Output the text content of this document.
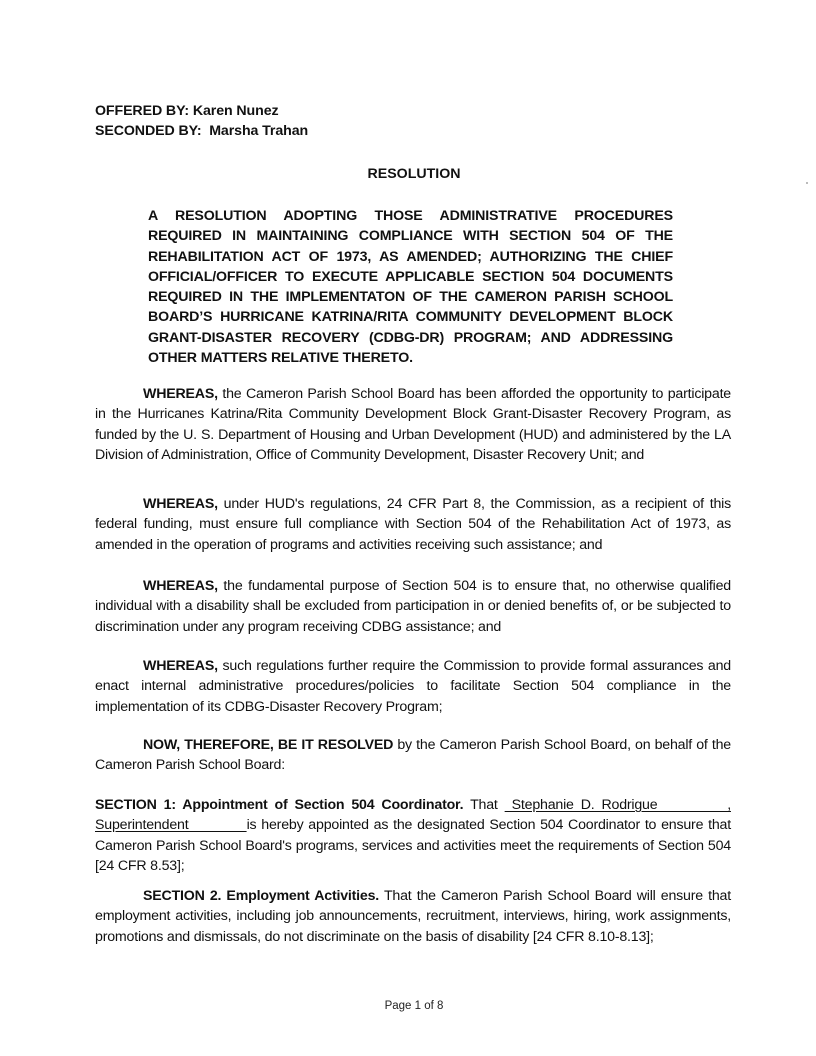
OFFERED BY: Karen Nunez
SECONDED BY: Marsha Trahan
RESOLUTION
A RESOLUTION ADOPTING THOSE ADMINISTRATIVE PROCEDURES REQUIRED IN MAINTAINING COMPLIANCE WITH SECTION 504 OF THE REHABILITATION ACT OF 1973, AS AMENDED; AUTHORIZING THE CHIEF OFFICIAL/OFFICER TO EXECUTE APPLICABLE SECTION 504 DOCUMENTS REQUIRED IN THE IMPLEMENTATON OF THE CAMERON PARISH SCHOOL BOARD’S HURRICANE KATRINA/RITA COMMUNITY DEVELOPMENT BLOCK GRANT-DISASTER RECOVERY (CDBG-DR) PROGRAM; AND ADDRESSING OTHER MATTERS RELATIVE THERETO.
WHEREAS, the Cameron Parish School Board has been afforded the opportunity to participate in the Hurricanes Katrina/Rita Community Development Block Grant-Disaster Recovery Program, as funded by the U. S. Department of Housing and Urban Development (HUD) and administered by the LA Division of Administration, Office of Community Development, Disaster Recovery Unit; and
WHEREAS, under HUD's regulations, 24 CFR Part 8, the Commission, as a recipient of this federal funding, must ensure full compliance with Section 504 of the Rehabilitation Act of 1973, as amended in the operation of programs and activities receiving such assistance; and
WHEREAS, the fundamental purpose of Section 504 is to ensure that, no otherwise qualified individual with a disability shall be excluded from participation in or denied benefits of, or be subjected to discrimination under any program receiving CDBG assistance; and
WHEREAS, such regulations further require the Commission to provide formal assurances and enact internal administrative procedures/policies to facilitate Section 504 compliance in the implementation of its CDBG-Disaster Recovery Program;
NOW, THEREFORE, BE IT RESOLVED by the Cameron Parish School Board, on behalf of the Cameron Parish School Board:
SECTION 1: Appointment of Section 504 Coordinator. That  Stephanie D. Rodrigue          , Superintendent            is hereby appointed as the designated Section 504 Coordinator to ensure that Cameron Parish School Board's programs, services and activities meet the requirements of Section 504 [24 CFR 8.53];
SECTION 2. Employment Activities. That the Cameron Parish School Board will ensure that employment activities, including job announcements, recruitment, interviews, hiring, work assignments, promotions and dismissals, do not discriminate on the basis of disability [24 CFR 8.10-8.13];
Page 1 of 8
